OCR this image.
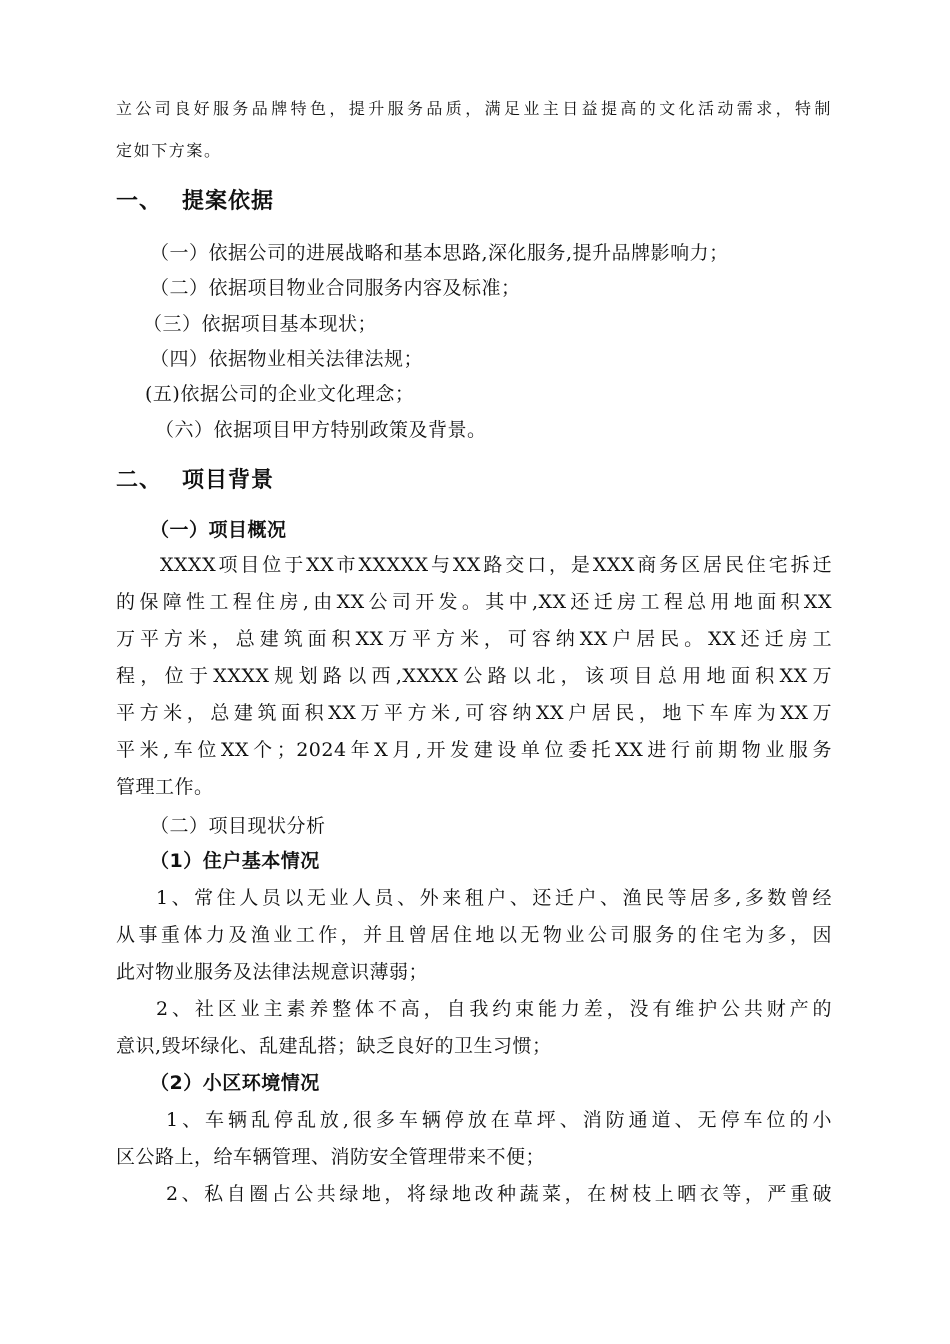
立公司良好服务品牌特色，提升服务品质，满足业主日益提高的文化活动需求，特制
定如下方案。
一、 提案依据
（一）依据公司的进展战略和基本思路,深化服务,提升品牌影响力；
（二）依据项目物业合同服务内容及标准；
（三）依据项目基本现状；
（四）依据物业相关法律法规；
(五)依据公司的企业文化理念；
（六）依据项目甲方特别政策及背景。
二、 项目背景
（一）项目概况
XXXX项目位于XX市XXXXX与XX路交口，是XXX商务区居民住宅拆迁
的保障性工程住房,由XX公司开发。其中,XX还迁房工程总用地面积XX
万平方米，总建筑面积XX万平方米，可容纳XX户居民。XX还迁房工
程，位于XXXX规划路以西,XXXX公路以北，该项目总用地面积XX万
平方米，总建筑面积XX万平方米,可容纳XX户居民，地下车库为XX万
平米,车位XX个；2024年X月,开发建设单位委托XX进行前期物业服务
管理工作。
（二）项目现状分析
（1）住户基本情况
1、常住人员以无业人员、外来租户、还迁户、渔民等居多,多数曾经
从事重体力及渔业工作，并且曾居住地以无物业公司服务的住宅为多，因
此对物业服务及法律法规意识薄弱；
2、社区业主素养整体不高，自我约束能力差，没有维护公共财产的
意识,毁坏绿化、乱建乱搭；缺乏良好的卫生习惯；
（2）小区环境情况
1、车辆乱停乱放,很多车辆停放在草坪、消防通道、无停车位的小
区公路上，给车辆管理、消防安全管理带来不便；
2、私自圈占公共绿地，将绿地改种蔬菜，在树枝上晒衣等，严重破
